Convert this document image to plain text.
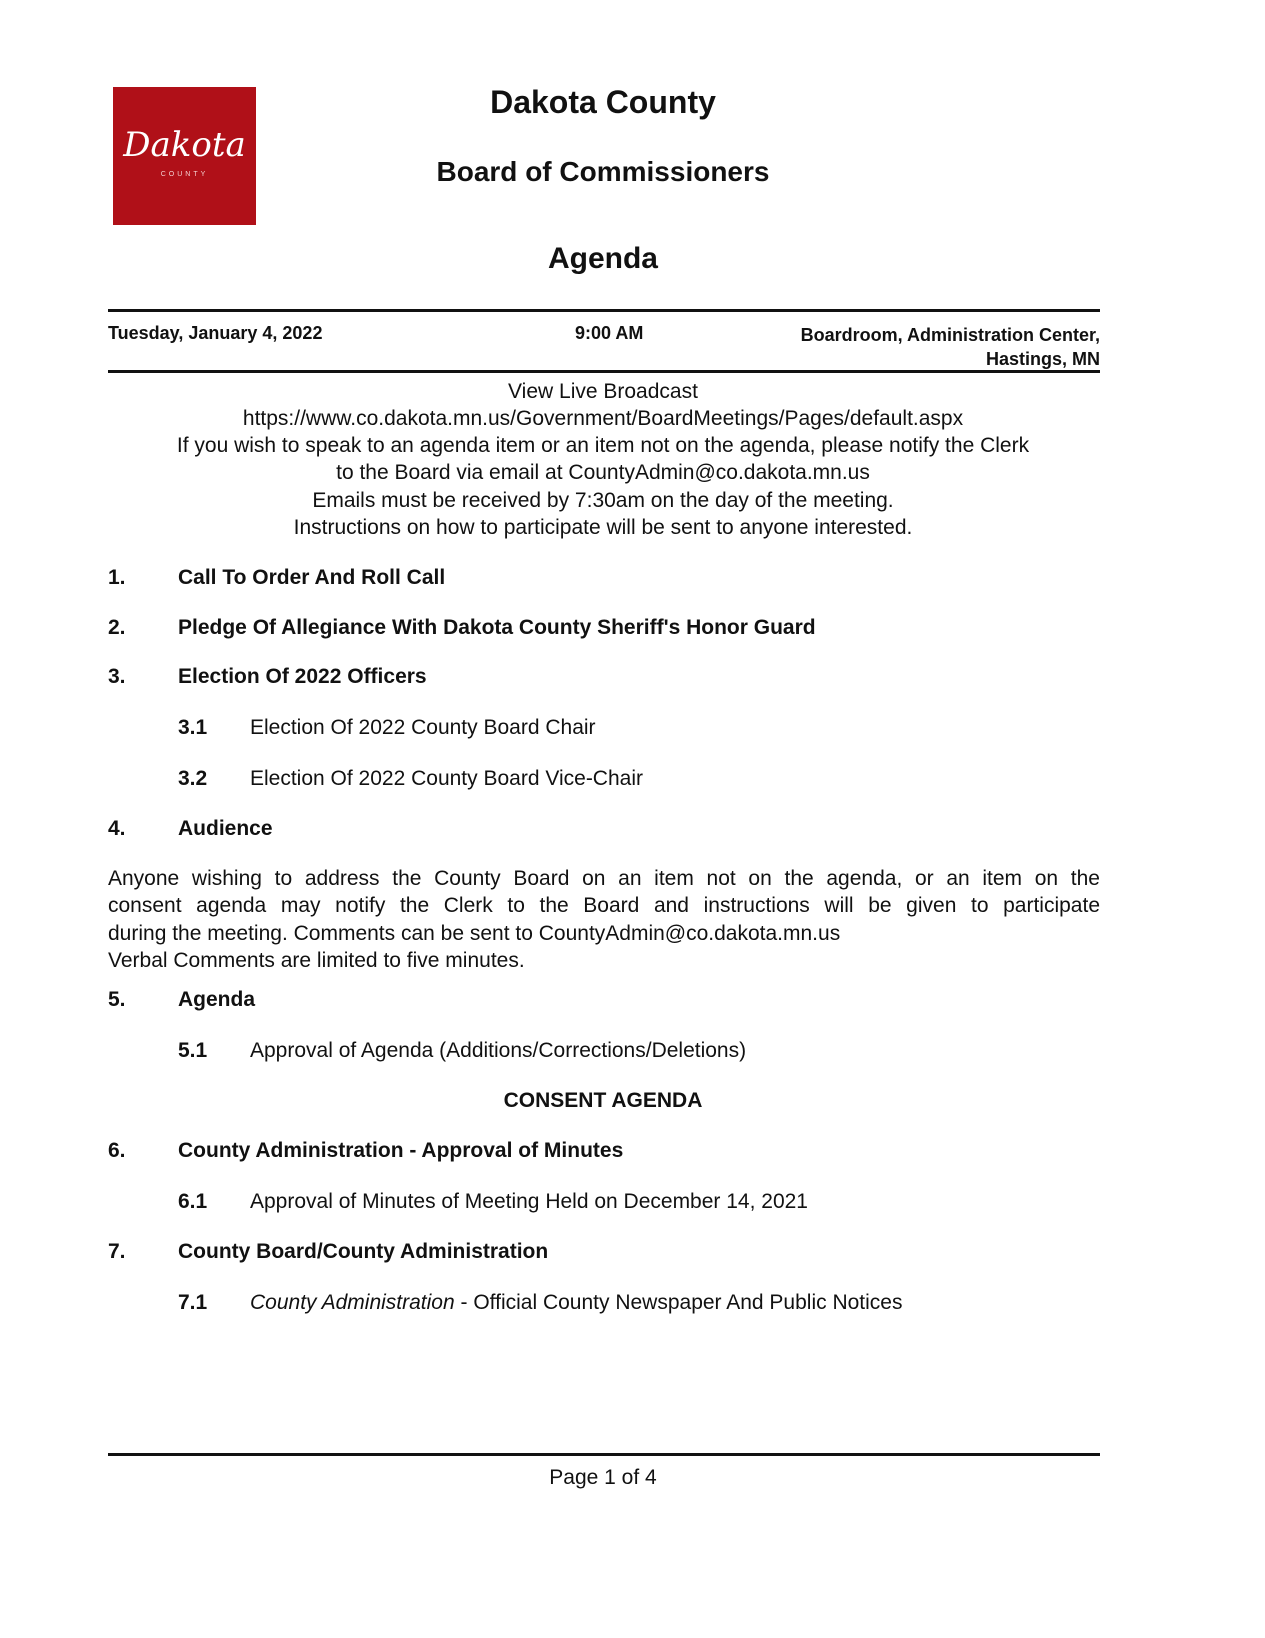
Dakota
COUNTY
Dakota County
Board of Commissioners
Agenda
Tuesday, January 4, 2022	9:00 AM	Boardroom, Administration Center,
Hastings, MN
View Live Broadcast
https://www.co.dakota.mn.us/Government/BoardMeetings/Pages/default.aspx
If you wish to speak to an agenda item or an item not on the agenda, please notify the Clerk
to the Board via email at CountyAdmin@co.dakota.mn.us
Emails must be received by 7:30am on the day of the meeting.
Instructions on how to participate will be sent to anyone interested.
1. Call To Order And Roll Call
2. Pledge Of Allegiance With Dakota County Sheriff's Honor Guard
3. Election Of 2022 Officers
3.1 Election Of 2022 County Board Chair
3.2 Election Of 2022 County Board Vice-Chair
4. Audience
Anyone wishing to address the County Board on an item not on the agenda, or an item on the
consent agenda may notify the Clerk to the Board and instructions will be given to participate
during the meeting. Comments can be sent to CountyAdmin@co.dakota.mn.us
Verbal Comments are limited to five minutes.
5. Agenda
5.1 Approval of Agenda (Additions/Corrections/Deletions)
CONSENT AGENDA
6. County Administration - Approval of Minutes
6.1 Approval of Minutes of Meeting Held on December 14, 2021
7. County Board/County Administration
7.1 County Administration - Official County Newspaper And Public Notices
Page 1 of 4
